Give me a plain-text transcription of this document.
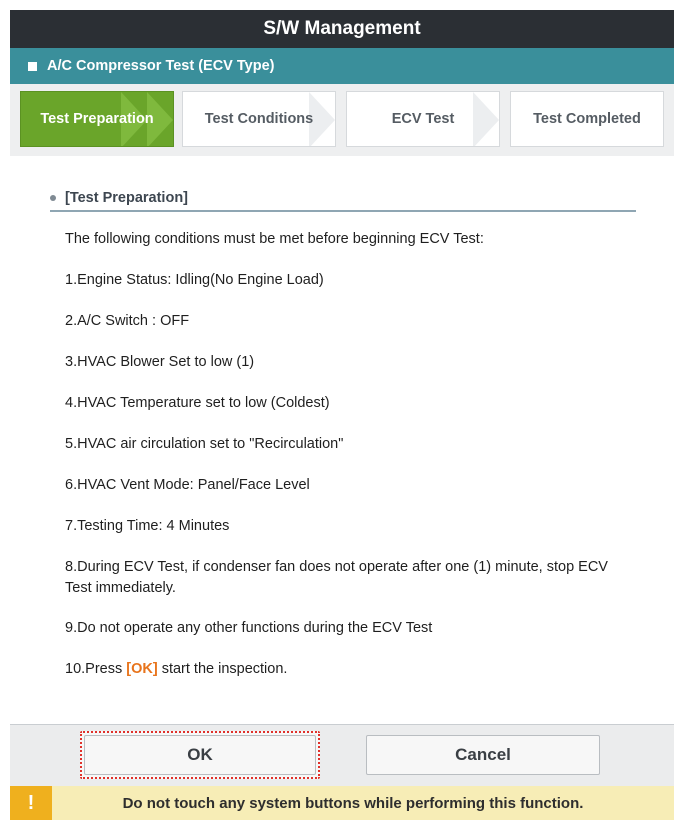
S/W Management
A/C Compressor Test (ECV Type)
Test Preparation	Test Conditions	ECV Test	Test Completed
[Test Preparation]
The following conditions must be met before beginning ECV Test:
1.Engine Status: Idling(No Engine Load)
2.A/C Switch : OFF
3.HVAC Blower Set to low (1)
4.HVAC Temperature set to low (Coldest)
5.HVAC air circulation set to "Recirculation"
6.HVAC Vent Mode: Panel/Face Level
7.Testing Time: 4 Minutes
8.During ECV Test, if condenser fan does not operate after one (1) minute, stop ECV Test immediately.
9.Do not operate any other functions during the ECV Test
10.Press [OK] start the inspection.
OK	Cancel
!	Do not touch any system buttons while performing this function.
